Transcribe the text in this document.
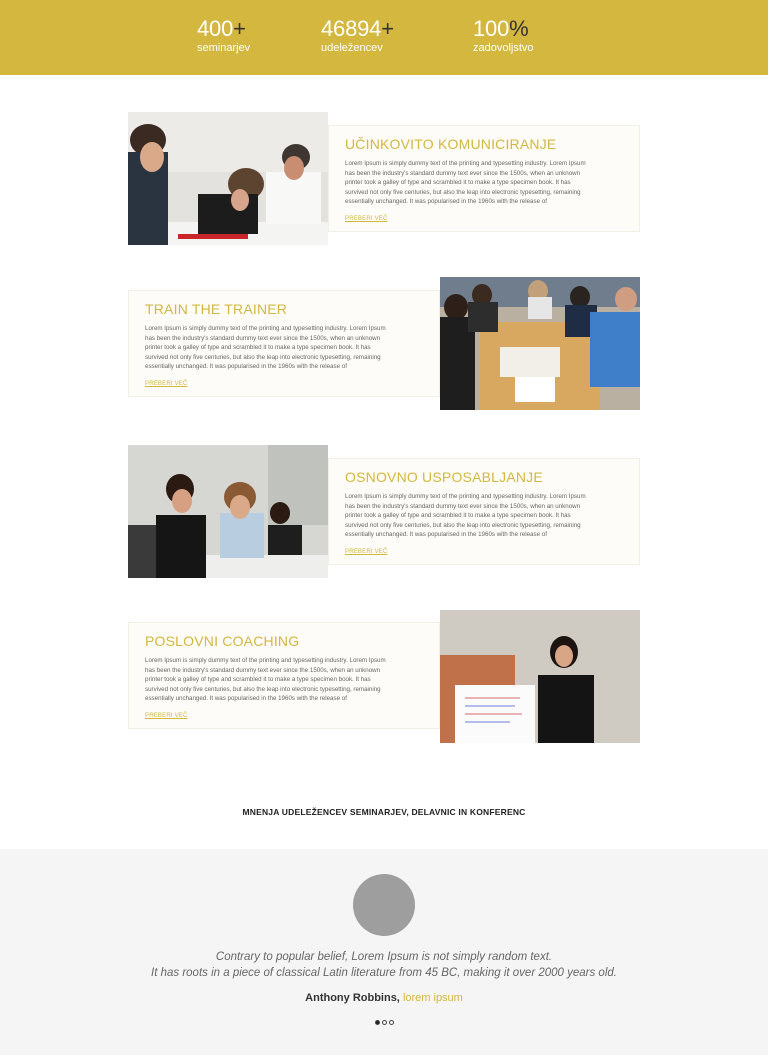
400+
seminarjev
46894+
udeležencev
100%
zadovoljstvo
UČINKOVITO KOMUNICIRANJE

Lorem Ipsum is simply dummy text of the printing and typesetting industry. Lorem Ipsum has been the industry's standard dummy text ever since the 1500s, when an unknown printer took a galley of type and scrambled it to make a type specimen book. It has survived not only five centuries, but also the leap into electronic typesetting, remaining essentially unchanged. It was popularised in the 1960s with the release of

PREBERI VEČ
TRAIN THE TRAINER

Lorem Ipsum is simply dummy text of the printing and typesetting industry. Lorem Ipsum has been the industry's standard dummy text ever since the 1500s, when an unknown printer took a galley of type and scrambled it to make a type specimen book. It has survived not only five centuries, but also the leap into electronic typesetting, remaining essentially unchanged. It was popularised in the 1960s with the release of

PREBERI VEČ
OSNOVNO USPOSABLJANJE

Lorem Ipsum is simply dummy text of the printing and typesetting industry. Lorem Ipsum has been the industry's standard dummy text ever since the 1500s, when an unknown printer took a galley of type and scrambled it to make a type specimen book. It has survived not only five centuries, but also the leap into electronic typesetting, remaining essentially unchanged. It was popularised in the 1960s with the release of

PREBERI VEČ
POSLOVNI COACHING

Lorem Ipsum is simply dummy text of the printing and typesetting industry. Lorem Ipsum has been the industry's standard dummy text ever since the 1500s, when an unknown printer took a galley of type and scrambled it to make a type specimen book. It has survived not only five centuries, but also the leap into electronic typesetting, remaining essentially unchanged. It was popularised in the 1960s with the release of

PREBERI VEČ
MNENJA UDELEŽENCEV SEMINARJEV, DELAVNIC IN KONFERENC
Contrary to popular belief, Lorem Ipsum is not simply random text.
It has roots in a piece of classical Latin literature from 45 BC, making it over 2000 years old.
Anthony Robbins, lorem ipsum
